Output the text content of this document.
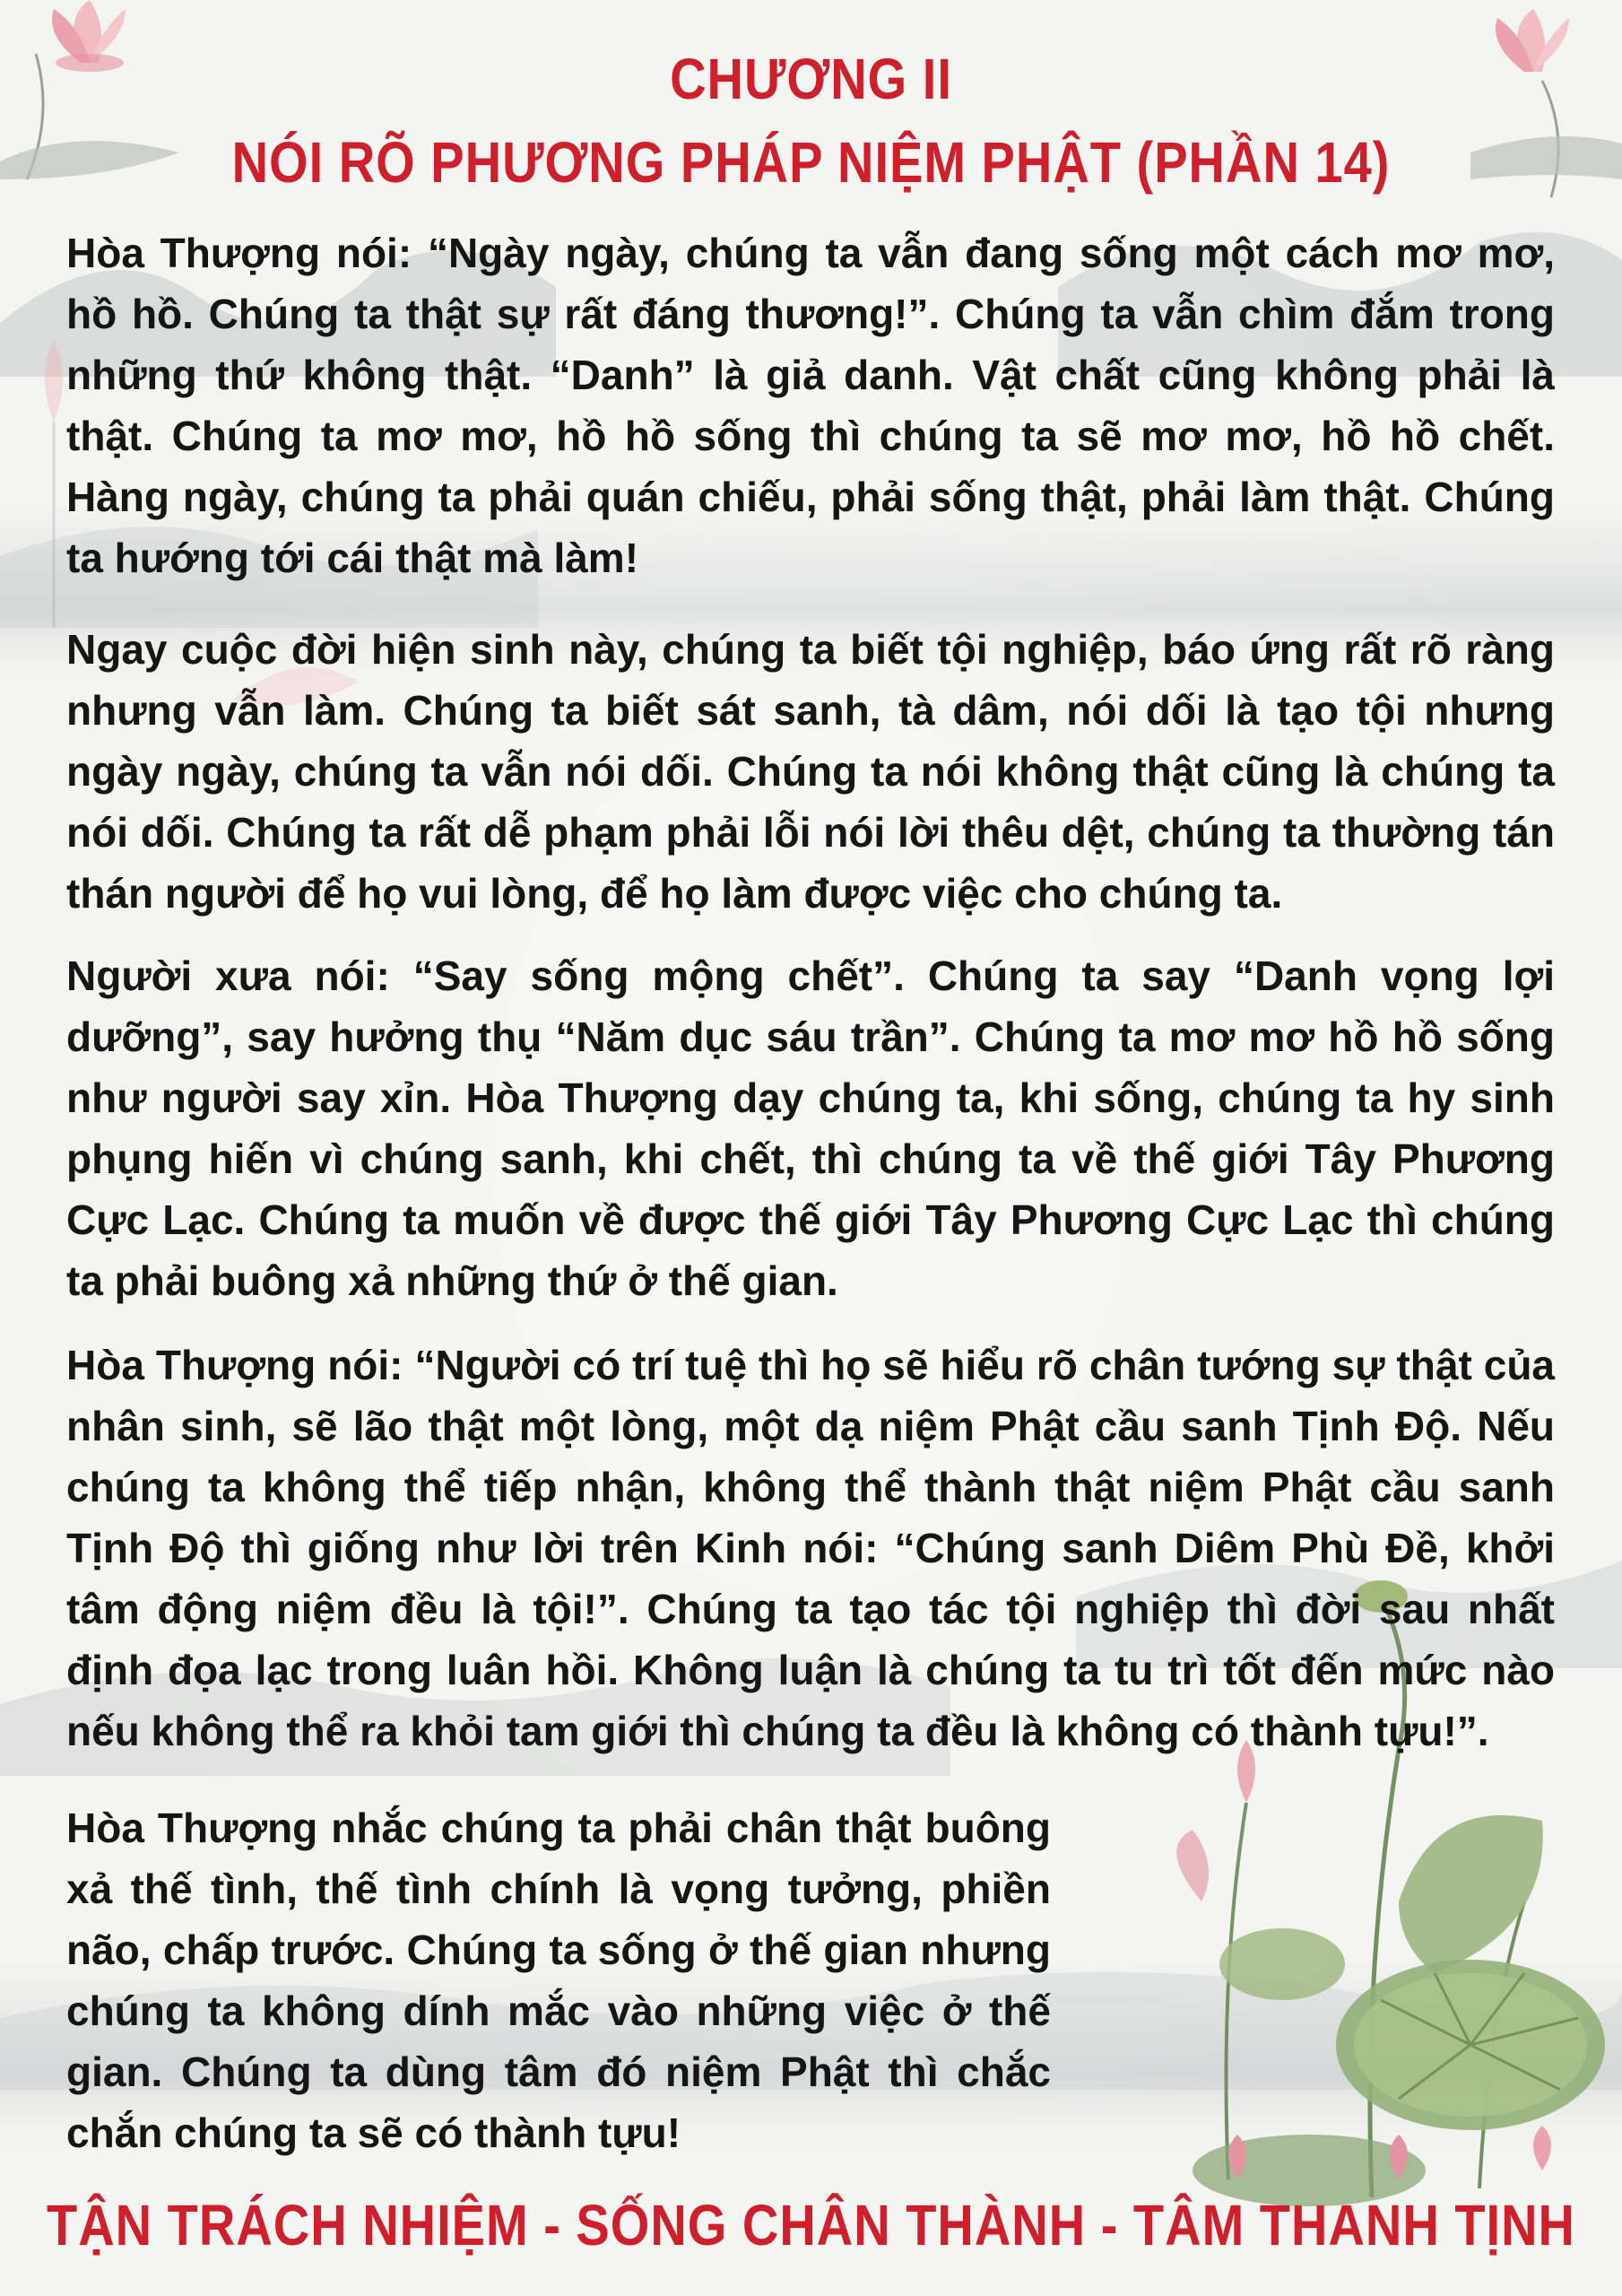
CHƯƠNG II
NÓI RÕ PHƯƠNG PHÁP NIỆM PHẬT (PHẦN 14)

Hòa Thượng nói: “Ngày ngày, chúng ta vẫn đang sống một cách mơ mơ, hồ hồ. Chúng ta thật sự rất đáng thương!”. Chúng ta vẫn chìm đắm trong những thứ không thật. “Danh” là giả danh. Vật chất cũng không phải là thật. Chúng ta mơ mơ, hồ hồ sống thì chúng ta sẽ mơ mơ, hồ hồ chết. Hàng ngày, chúng ta phải quán chiếu, phải sống thật, phải làm thật. Chúng ta hướng tới cái thật mà làm!

Ngay cuộc đời hiện sinh này, chúng ta biết tội nghiệp, báo ứng rất rõ ràng nhưng vẫn làm. Chúng ta biết sát sanh, tà dâm, nói dối là tạo tội nhưng ngày ngày, chúng ta vẫn nói dối. Chúng ta nói không thật cũng là chúng ta nói dối. Chúng ta rất dễ phạm phải lỗi nói lời thêu dệt, chúng ta thường tán thán người để họ vui lòng, để họ làm được việc cho chúng ta.

Người xưa nói: “Say sống mộng chết”. Chúng ta say “Danh vọng lợi dưỡng”, say hưởng thụ “Năm dục sáu trần”. Chúng ta mơ mơ hồ hồ sống như người say xỉn. Hòa Thượng dạy chúng ta, khi sống, chúng ta hy sinh phụng hiến vì chúng sanh, khi chết, thì chúng ta về thế giới Tây Phương Cực Lạc. Chúng ta muốn về được thế giới Tây Phương Cực Lạc thì chúng ta phải buông xả những thứ ở thế gian.

Hòa Thượng nói: “Người có trí tuệ thì họ sẽ hiểu rõ chân tướng sự thật của nhân sinh, sẽ lão thật một lòng, một dạ niệm Phật cầu sanh Tịnh Độ. Nếu chúng ta không thể tiếp nhận, không thể thành thật niệm Phật cầu sanh Tịnh Độ thì giống như lời trên Kinh nói: “Chúng sanh Diêm Phù Đề, khởi tâm động niệm đều là tội!”. Chúng ta tạo tác tội nghiệp thì đời sau nhất định đọa lạc trong luân hồi. Không luận là chúng ta tu trì tốt đến mức nào nếu không thể ra khỏi tam giới thì chúng ta đều là không có thành tựu!”.

Hòa Thượng nhắc chúng ta phải chân thật buông xả thế tình, thế tình chính là vọng tưởng, phiền não, chấp trước. Chúng ta sống ở thế gian nhưng chúng ta không dính mắc vào những việc ở thế gian. Chúng ta dùng tâm đó niệm Phật thì chắc chắn chúng ta sẽ có thành tựu!

TẬN TRÁCH NHIỆM - SỐNG CHÂN THÀNH - TÂM THANH TỊNH
